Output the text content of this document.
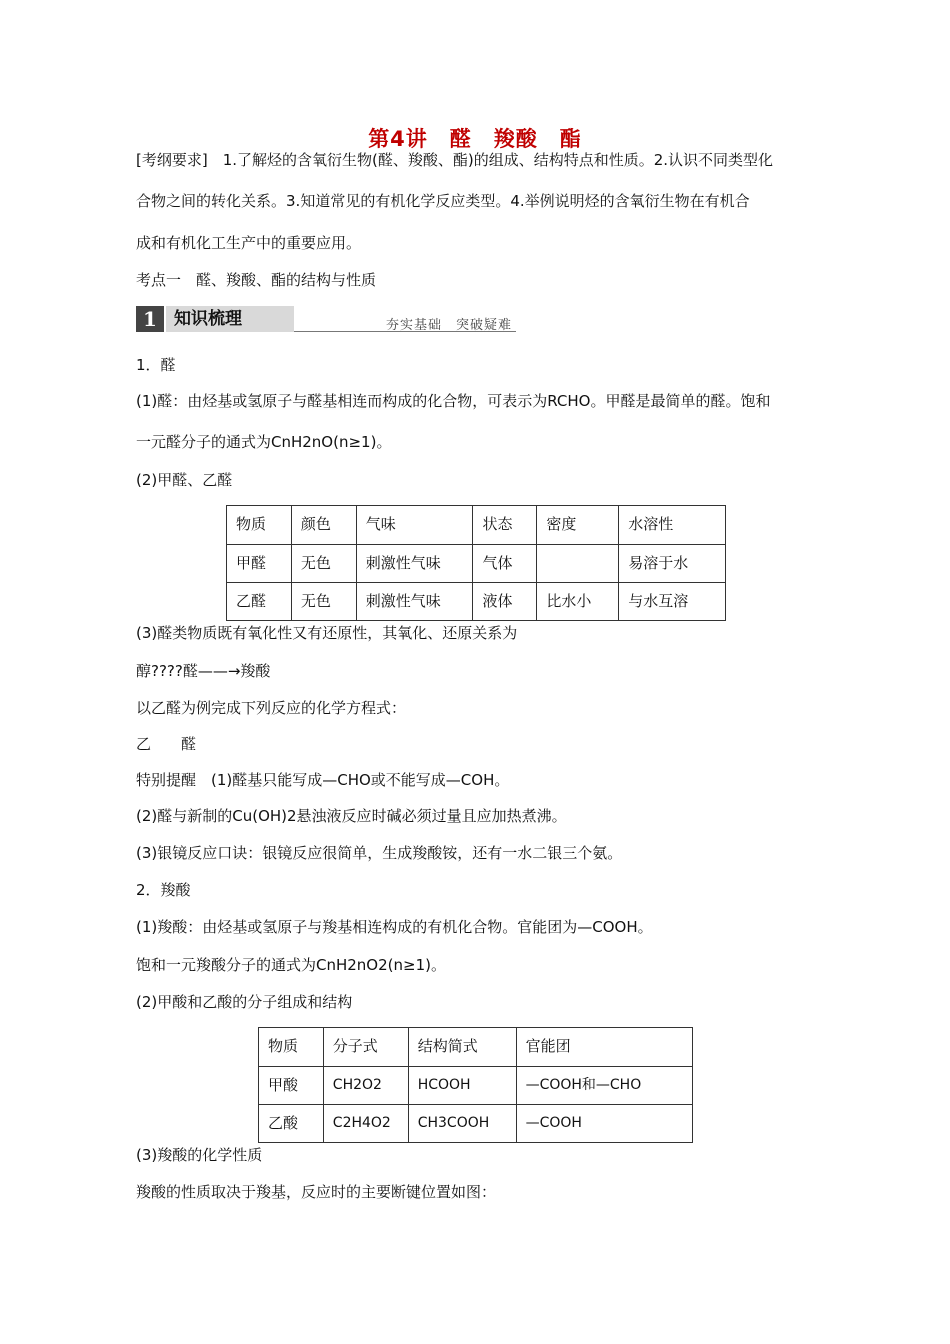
第4讲　醛　羧酸　酯
[考纲要求]　1.了解烃的含氧衍生物(醛、羧酸、酯)的组成、结构特点和性质。2.认识不同类型化
合物之间的转化关系。3.知道常见的有机化学反应类型。4.举例说明烃的含氧衍生物在有机合
成和有机化工生产中的重要应用。
考点一　醛、羧酸、酯的结构与性质
1	知识梳理	夯实基础　突破疑难
1．醛
(1)醛：由烃基或氢原子与醛基相连而构成的化合物，可表示为RCHO。甲醛是最简单的醛。饱和
一元醛分子的通式为CnH2nO(n≥1)。
(2)甲醛、乙醛
物质	颜色	气味	状态	密度	水溶性

甲醛	无色	刺激性气味	气体		易溶于水

乙醛	无色	刺激性气味	液体	比水小	与水互溶
(3)醛类物质既有氧化性又有还原性，其氧化、还原关系为
醇????醛——→羧酸
以乙醛为例完成下列反应的化学方程式：
乙　　醛
特别提醒　(1)醛基只能写成—CHO或不能写成—COH。
(2)醛与新制的Cu(OH)2悬浊液反应时碱必须过量且应加热煮沸。
(3)银镜反应口诀：银镜反应很简单，生成羧酸铵，还有一水二银三个氨。
2．羧酸
(1)羧酸：由烃基或氢原子与羧基相连构成的有机化合物。官能团为—COOH。
饱和一元羧酸分子的通式为CnH2nO2(n≥1)。
(2)甲酸和乙酸的分子组成和结构
物质	分子式	结构简式	官能团

甲酸	CH2O2	HCOOH	—COOH和—CHO

乙酸	C2H4O2	CH3COOH	—COOH
(3)羧酸的化学性质
羧酸的性质取决于羧基，反应时的主要断键位置如图：
